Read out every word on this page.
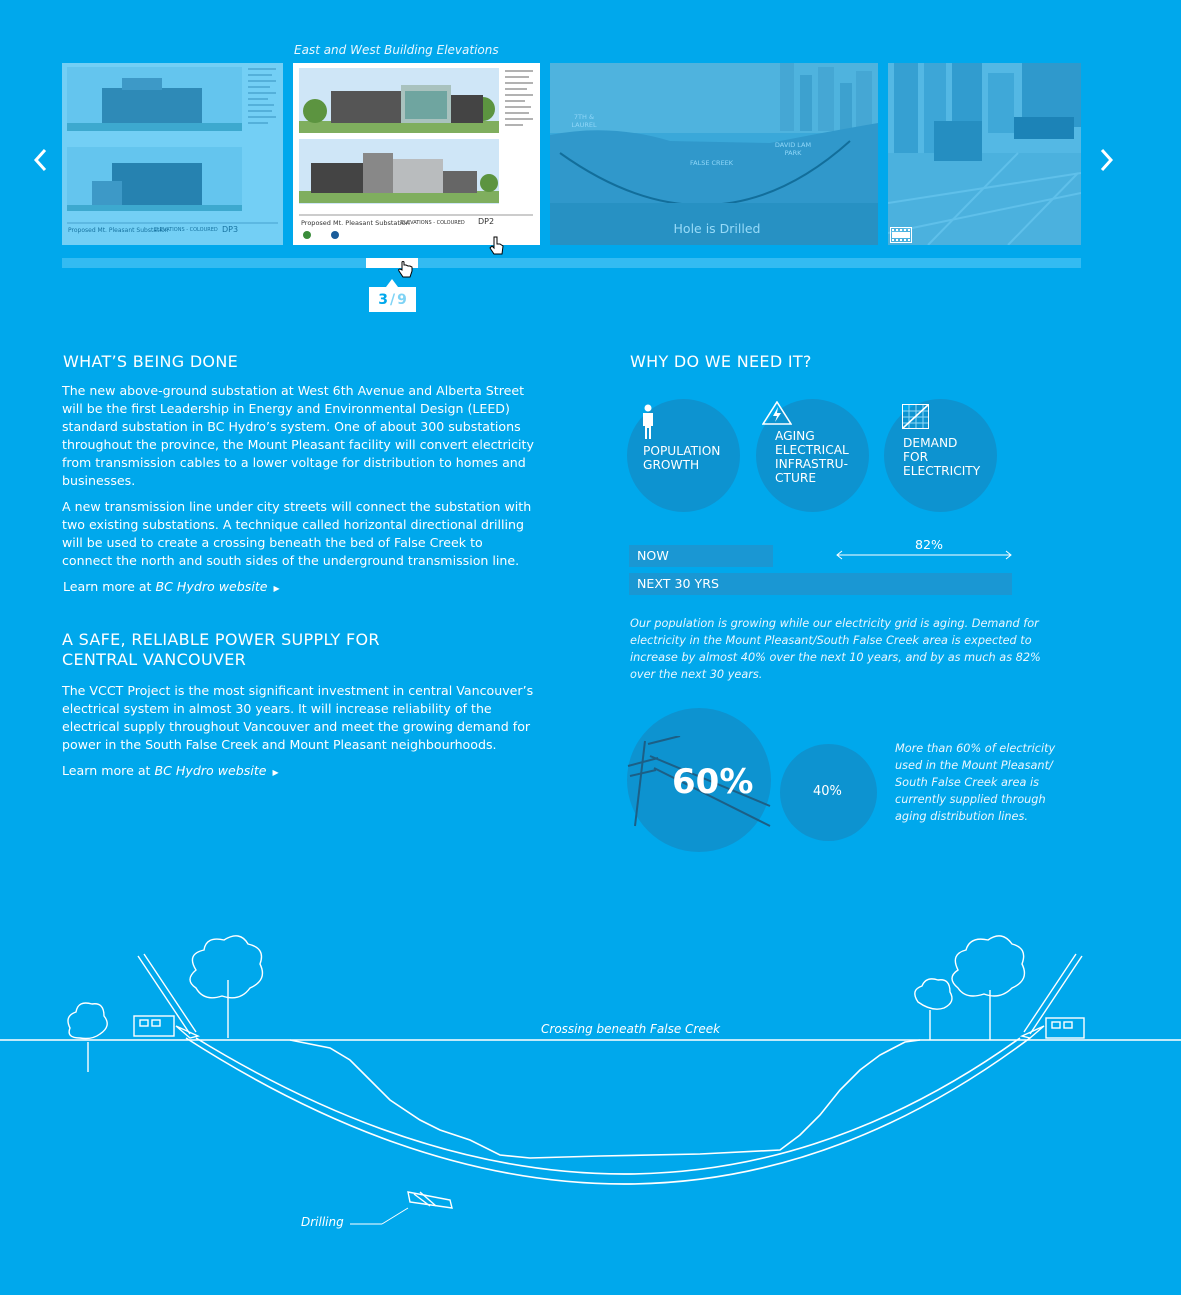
East and West Building Elevations
Proposed Mt. Pleasant Substation
ELEVATIONS - COLOURED DP2
7TH & LAUREL
FALSE CREEK
DAVID LAM PARK
Hole is Drilled
3 / 9
WHAT’S BEING DONE

The new above-ground substation at West 6th Avenue and Alberta Street will be the first Leadership in Energy and Environmental Design (LEED) standard substation in BC Hydro’s system. One of about 300 substations throughout the province, the Mount Pleasant facility will convert electricity from transmission cables to a lower voltage for distribution to homes and businesses.

A new transmission line under city streets will connect the substation with two existing substations. A technique called horizontal directional drilling will be used to create a crossing beneath the bed of False Creek to connect the north and south sides of the underground transmission line.

Learn more at BC Hydro website ▶
A SAFE, RELIABLE POWER SUPPLY FOR
CENTRAL VANCOUVER

The VCCT Project is the most significant investment in central Vancouver’s electrical system in almost 30 years. It will increase reliability of the electrical supply throughout Vancouver and meet the growing demand for power in the South False Creek and Mount Pleasant neighbourhoods.

Learn more at BC Hydro website ▶
WHY DO WE NEED IT?
POPULATION
GROWTH
AGING
ELECTRICAL
INFRASTRU-
CTURE
DEMAND
FOR
ELECTRICITY
NOW
NEXT 30 YRS
82%

Our population is growing while our electricity grid is aging. Demand for electricity in the Mount Pleasant/South False Creek area is expected to increase by almost 40% over the next 10 years, and by as much as 82% over the next 30 years.

60%	40%

More than 60% of electricity used in the Mount Pleasant/ South False Creek area is currently supplied through aging distribution lines.

Crossing beneath False Creek
Drilling
